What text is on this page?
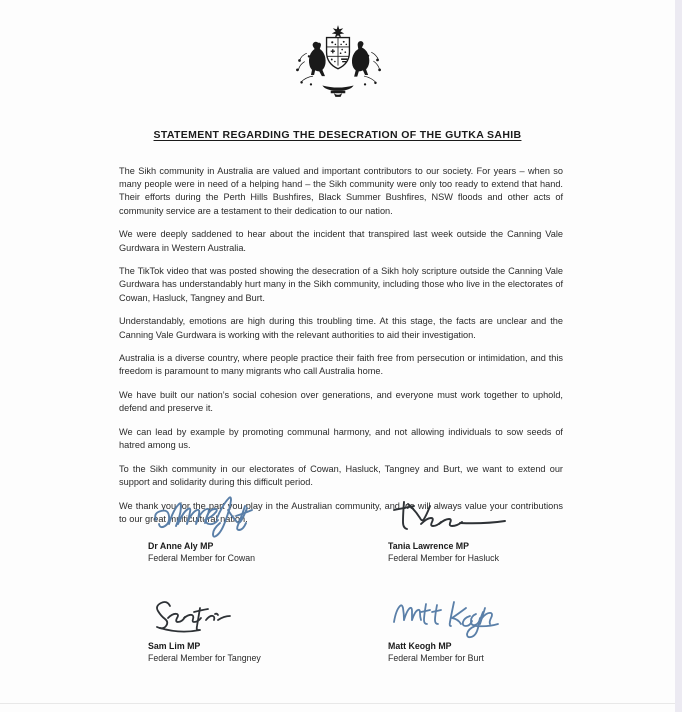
STATEMENT REGARDING THE DESECRATION OF THE GUTKA SAHIB

The Sikh community in Australia are valued and important contributors to our society. For years – when so many people were in need of a helping hand – the Sikh community were only too ready to extend that hand. Their efforts during the Perth Hills Bushfires, Black Summer Bushfires, NSW floods and other acts of community service are a testament to their dedication to our nation.

We were deeply saddened to hear about the incident that transpired last week outside the Canning Vale Gurdwara in Western Australia.

The TikTok video that was posted showing the desecration of a Sikh holy scripture outside the Canning Vale Gurdwara has understandably hurt many in the Sikh community, including those who live in the electorates of Cowan, Hasluck, Tangney and Burt.

Understandably, emotions are high during this troubling time. At this stage, the facts are unclear and the Canning Vale Gurdwara is working with the relevant authorities to aid their investigation.

Australia is a diverse country, where people practice their faith free from persecution or intimidation, and this freedom is paramount to many migrants who call Australia home.

We have built our nation’s social cohesion over generations, and everyone must work together to uphold, defend and preserve it.

We can lead by example by promoting communal harmony, and not allowing individuals to sow seeds of hatred among us.

To the Sikh community in our electorates of Cowan, Hasluck, Tangney and Burt, we want to extend our support and solidarity during this difficult period.

We thank you for the part you play in the Australian community, and we will always value your contributions to our great multicultural nation.

Dr Anne Aly MP
Federal Member for Cowan
Tania Lawrence MP
Federal Member for Hasluck
Sam Lim MP
Federal Member for Tangney
Matt Keogh MP
Federal Member for Burt
